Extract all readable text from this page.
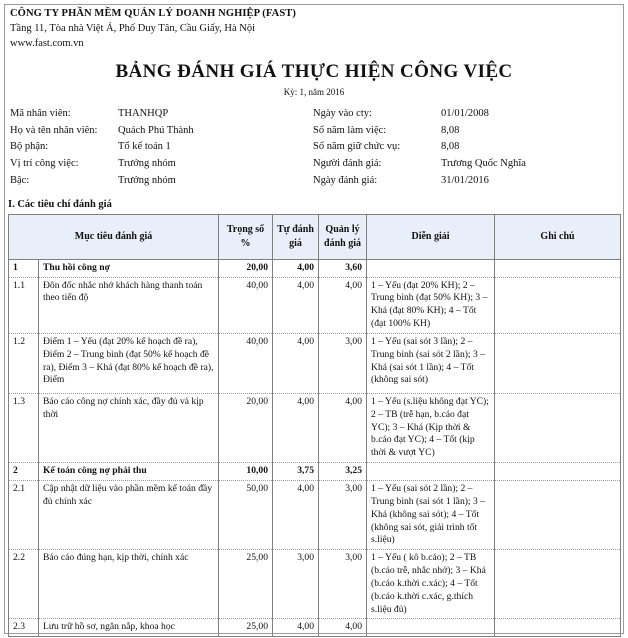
CÔNG TY PHẦN MỀM QUẢN LÝ DOANH NGHIỆP (FAST)
Tầng 11, Tòa nhà Việt Á, Phố Duy Tân, Cầu Giấy, Hà Nội
www.fast.com.vn
BẢNG ĐÁNH GIÁ THỰC HIỆN CÔNG VIỆC
Kỳ: 1, năm 2016
Mã nhân viên:	THANHQP	Ngày vào cty:	01/01/2008
Họ và tên nhân viên:	Quách Phú Thành	Số năm làm việc:	8,08
Bộ phận:	Tổ kế toán 1	Số năm giữ chức vụ:	8,08
Vị trí công việc:	Trưởng nhóm	Người đánh giá:	Trương Quốc Nghĩa
Bậc:	Trưởng nhóm	Ngày đánh giá:	31/01/2016
I. Các tiêu chí đánh giá
Mục tiêu đánh giá		Trọng số %	Tự đánh giá	Quản lý đánh giá	Diễn giải	Ghi chú
1	Thu hồi công nợ	20,00	4,00	3,60		
1.1	Đôn đốc nhắc nhớ khách hàng thanh toán theo tiến độ	40,00	4,00	4,00	1 – Yếu (đạt 20% KH); 2 – Trung bình (đạt 50% KH); 3 – Khá (đạt 80% KH); 4 – Tốt (đạt 100% KH)	
1.2	Điểm 1 – Yếu (đạt 20% kế hoạch đề ra), Điểm 2 – Trung bình (đạt 50% kế hoạch đề ra), Điểm 3 – Khá (đạt 80% kế hoạch đề ra), Điểm	40,00	4,00	3,00	1 – Yếu (sai sót 3 lần); 2 – Trung bình (sai sót 2 lần); 3 – Khá (sai sót 1 lần); 4 – Tốt (không sai sót)	
1.3	Báo cáo công nợ chính xác, đầy đủ và kịp thời	20,00	4,00	4,00	1 – Yếu (s.liệu không đạt YC); 2 – TB (trễ hạn, b.cáo đạt YC); 3 – Khá (Kịp thời & b.cáo đạt YC); 4 – Tốt (kịp thời & vượt YC)	
2	Kế toán công nợ phải thu	10,00	3,75	3,25		
2.1	Cập nhật dữ liệu vào phần mềm kế toán đầy đủ chính xác	50,00	4,00	3,00	1 – Yếu (sai sót 2 lần); 2 – Trung bình (sai sót 1 lần); 3 – Khá (không sai sót); 4 – Tốt (không sai sót, giải trình tốt s.liệu)	
2.2	Báo cáo đúng hạn, kịp thời, chính xác	25,00	3,00	3,00	1 – Yếu ( kô b.cáo); 2 – TB (b.cáo trễ, nhắc nhở); 3 – Khá (b.cáo k.thời c.xác); 4 – Tốt (b.cáo k.thời c.xác, g.thích s.liệu đủ)	
2.3	Lưu trữ hồ sơ, ngăn nắp, khoa học	25,00	4,00	4,00		
